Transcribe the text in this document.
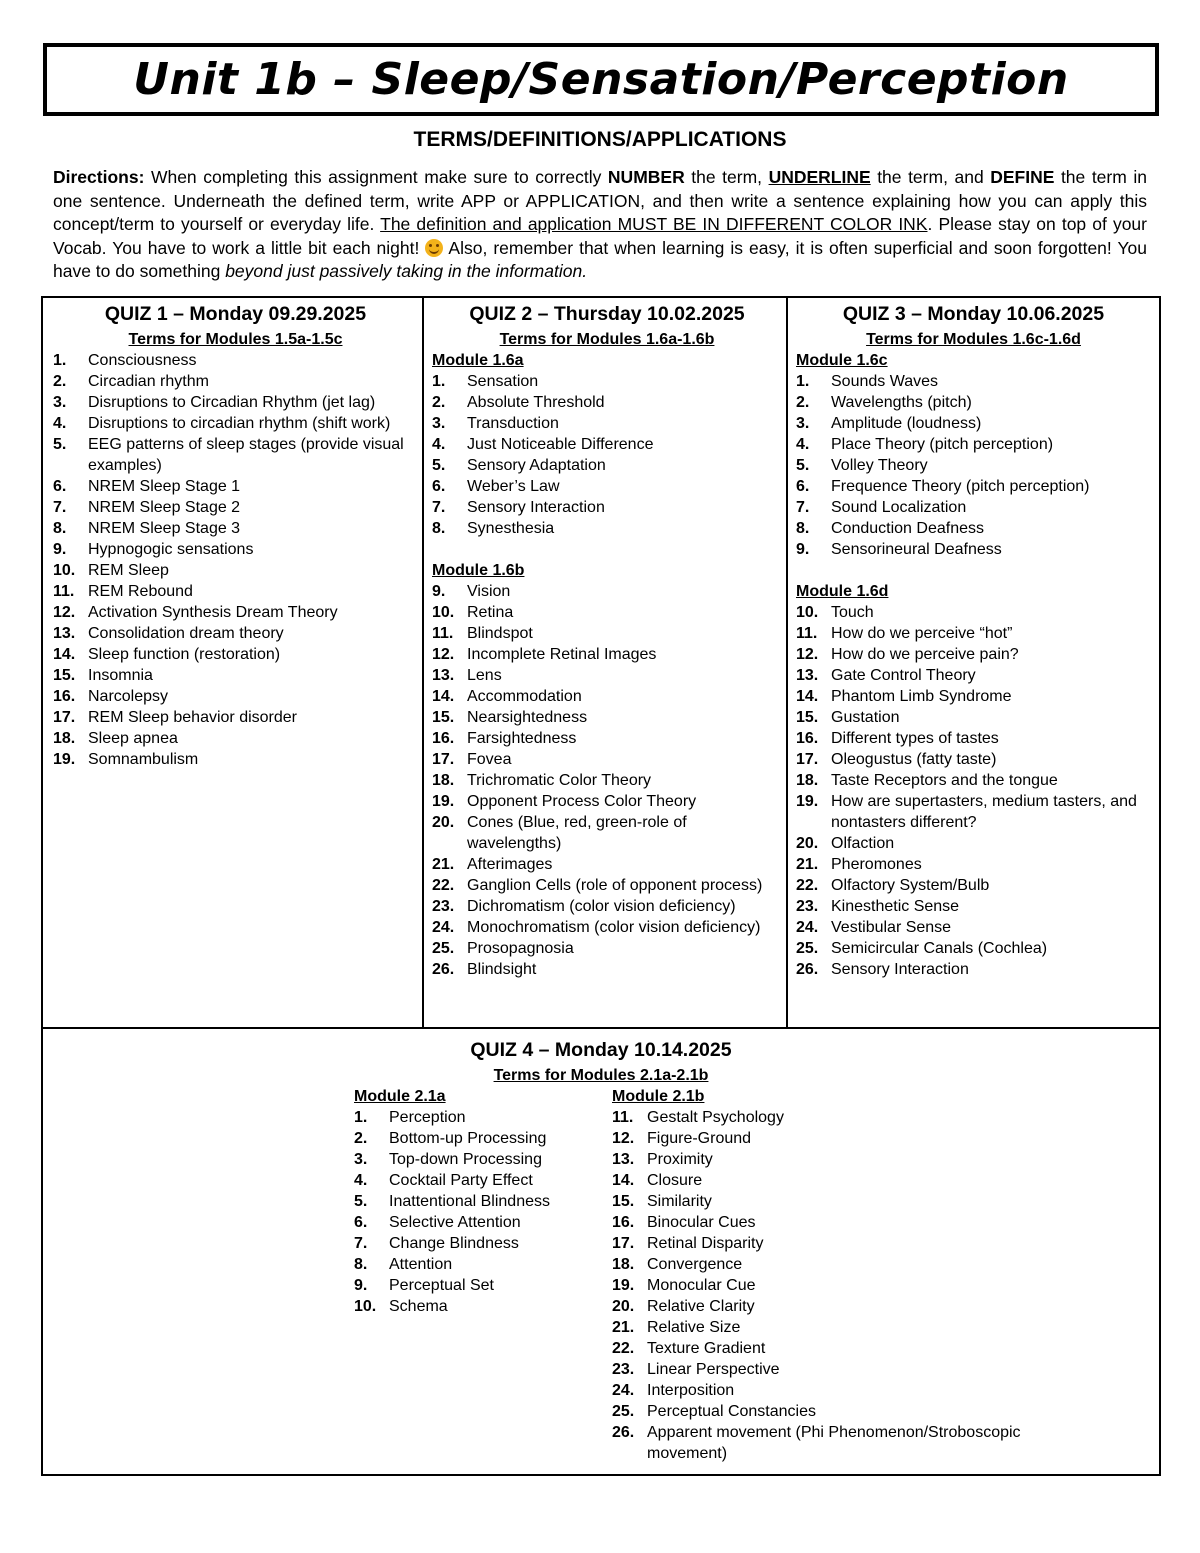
Unit 1b – Sleep/Sensation/Perception
TERMS/DEFINITIONS/APPLICATIONS
Directions: When completing this assignment make sure to correctly NUMBER the term, UNDERLINE the term, and DEFINE the term in one sentence. Underneath the defined term, write APP or APPLICATION, and then write a sentence explaining how you can apply this concept/term to yourself or everyday life. The definition and application MUST BE IN DIFFERENT COLOR INK. Please stay on top of your Vocab. You have to work a little bit each night!  Also, remember that when learning is easy, it is often superficial and soon forgotten! You have to do something beyond just passively taking in the information.
QUIZ 1 – Monday 09.29.2025
Terms for Modules 1.5a-1.5c
1.	Consciousness
2.	Circadian rhythm
3.	Disruptions to Circadian Rhythm (jet lag)
4.	Disruptions to circadian rhythm (shift work)
5.	EEG patterns of sleep stages (provide visual examples)
6.	NREM Sleep Stage 1
7.	NREM Sleep Stage 2
8.	NREM Sleep Stage 3
9.	Hypnogogic sensations
10. REM Sleep
11. REM Rebound
12. Activation Synthesis Dream Theory
13. Consolidation dream theory
14. Sleep function (restoration)
15. Insomnia
16. Narcolepsy
17. REM Sleep behavior disorder
18. Sleep apnea
19. Somnambulism
QUIZ 2 – Thursday 10.02.2025
Terms for Modules 1.6a-1.6b
Module 1.6a
1.	Sensation
2.	Absolute Threshold
3.	Transduction
4.	Just Noticeable Difference
5.	Sensory Adaptation
6.	Weber’s Law
7.	Sensory Interaction
8.	Synesthesia
Module 1.6b
9.	Vision
10. Retina
11. Blindspot
12. Incomplete Retinal Images
13. Lens
14. Accommodation
15. Nearsightedness
16. Farsightedness
17. Fovea
18. Trichromatic Color Theory
19. Opponent Process Color Theory
20. Cones (Blue, red, green-role of wavelengths)
21. Afterimages
22. Ganglion Cells (role of opponent process)
23. Dichromatism (color vision deficiency)
24. Monochromatism (color vision deficiency)
25. Prosopagnosia
26. Blindsight
QUIZ 3 – Monday 10.06.2025
Terms for Modules 1.6c-1.6d
Module 1.6c
1.	Sounds Waves
2.	Wavelengths (pitch)
3.	Amplitude (loudness)
4.	Place Theory (pitch perception)
5.	Volley Theory
6.	Frequence Theory (pitch perception)
7.	Sound Localization
8.	Conduction Deafness
9.	Sensorineural Deafness
Module 1.6d
10. Touch
11. How do we perceive “hot”
12. How do we perceive pain?
13. Gate Control Theory
14. Phantom Limb Syndrome
15. Gustation
16. Different types of tastes
17. Oleogustus (fatty taste)
18. Taste Receptors and the tongue
19. How are supertasters, medium tasters, and nontasters different?
20. Olfaction
21. Pheromones
22. Olfactory System/Bulb
23. Kinesthetic Sense
24. Vestibular Sense
25. Semicircular Canals (Cochlea)
26. Sensory Interaction
QUIZ 4 – Monday 10.14.2025
Terms for Modules 2.1a-2.1b
Module 2.1a
1.	Perception
2.	Bottom-up Processing
3.	Top-down Processing
4.	Cocktail Party Effect
5.	Inattentional Blindness
6.	Selective Attention
7.	Change Blindness
8.	Attention
9.	Perceptual Set
10. Schema
Module 2.1b
11. Gestalt Psychology
12. Figure-Ground
13. Proximity
14. Closure
15. Similarity
16. Binocular Cues
17. Retinal Disparity
18. Convergence
19. Monocular Cue
20. Relative Clarity
21. Relative Size
22. Texture Gradient
23. Linear Perspective
24. Interposition
25. Perceptual Constancies
26. Apparent movement (Phi Phenomenon/Stroboscopic movement)
